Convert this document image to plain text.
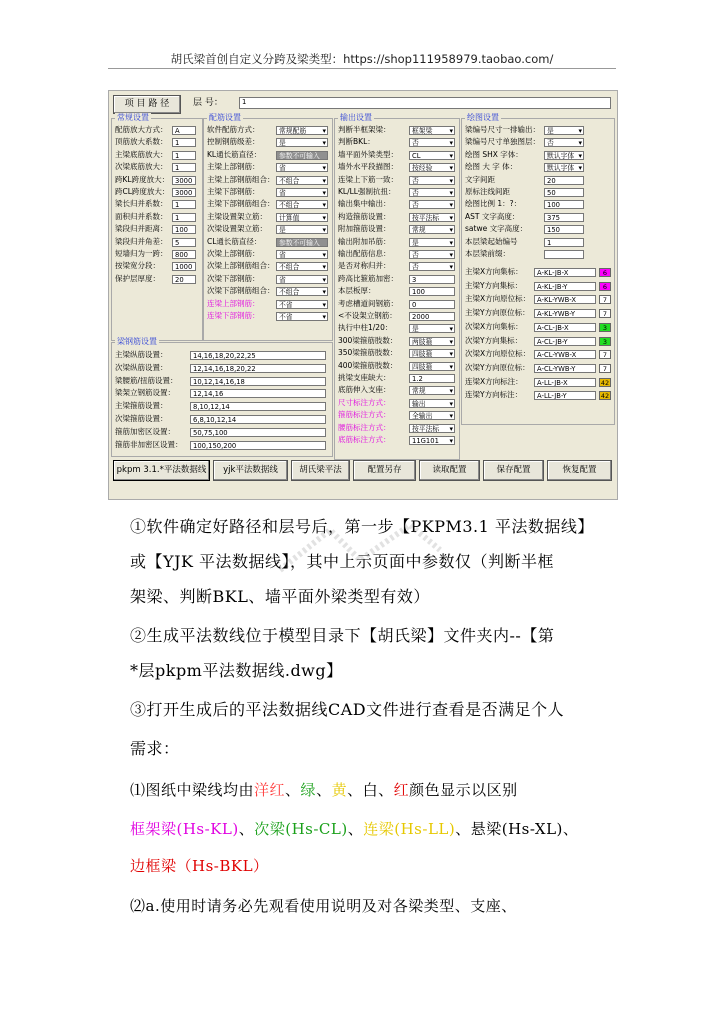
胡氏梁首创自定义分跨及梁类型：https://shop111958979.taobao.com/
项 目 路 径	层 号：	1
常规设置
配筋放大方式：	A
顶筋放大系数：	1
主梁底筋放大：	1
次梁底筋放大：	1
跨KL跨度放大： 3000
跨CL跨度放大： 3000
梁长归并系数：	1
面积归并系数：	1
梁段归并距离：	100
梁段归并角差：	5
短墙归为一跨：	800
按梁宽分段：	1000
保护层厚度：	20
配筋设置
软件配筋方式：	常规配筋 ▾
控制钢筋级差：	是 ▾
KL通长筋直径：	参数不可输入
主梁上部钢筋：	省 ▾
主梁上部钢筋组合： 不组合 ▾
主梁下部钢筋：	省 ▾
主梁下部钢筋组合： 不组合 ▾
主梁设置架立筋：	计算值 ▾
次梁设置架立筋：	是 ▾
CL通长筋直径：	参数不可输入
次梁上部钢筋：	省 ▾
次梁上部钢筋组合： 不组合 ▾
次梁下部钢筋：	省 ▾
次梁下部钢筋组合： 不组合 ▾
连梁上部钢筋：	不省 ▾
连梁下部钢筋：	不省 ▾
输出设置
判断半框架梁：	框架梁 ▾
判断BKL：	否 ▾
墙平面外梁类型：	CL ▾
墙外水平段描图：	按经验 ▾
连梁上下筋一致：	否 ▾
KL/LL强制抗扭：	否 ▾
输出集中输出：	否 ▾
构造箍筋设置：	按平法标 ▾
附加箍筋设置：	常规 ▾
输出附加吊筋：	是 ▾
输出配筋信息：	否 ▾
是否对称归并：	否 ▾
跨高比箍筋加密：	3
本层板厚：	100
考虑槽道间钢筋：	0
<不设架立钢筋：	2000
执行中柱1/20：	是 ▾
300梁箍筋肢数：	两肢箍 ▾
350梁箍筋肢数：	四肢箍 ▾
400梁箍筋肢数：	四肢箍 ▾
挑梁支座缺大：	1.2
底筋伸入支座：	常规 ▾
尺寸标注方式：	输出 ▾
箍筋标注方式：	全输出 ▾
腰筋标注方式：	按平法标 ▾
底筋标注方式：	11G101 ▾
绘图设置
梁编号尺寸一排输出：	是 ▾
梁编号尺寸单独图层：	否 ▾
绘图 SHX 字体：	默认字体 ▾
绘图 大 字 体：	默认字体 ▾
文字间距	20
原标注线间距	50
绘图比例 1：?：	100
AST 文字高度：	375
satwe 文字高度：	150
本层梁起始编号	1
本层梁前缀：
主梁X方向集标：	A-KL-JB-X	6
主梁Y方向集标：	A-KL-JB-Y	6
主梁X方向原位标：	A-KL-YWB-X	7
主梁Y方向原位标：	A-KL-YWB-Y	7
次梁X方向集标：	A-CL-JB-X	3
次梁Y方向集标：	A-CL-JB-Y	3
次梁X方向原位标：	A-CL-YWB-X	7
次梁Y方向原位标：	A-CL-YWB-Y	7
连梁X方向标注：	A-LL-JB-X	42
连梁Y方向标注：	A-LL-JB-Y	42
梁钢筋设置
主梁纵筋设置：	14,16,18,20,22,25
次梁纵筋设置：	12,14,16,18,20,22
梁腰筋/扭筋设置：	10,12,14,16,18
梁架立钢筋设置：	12,14,16
主梁箍筋设置：	8,10,12,14
次梁箍筋设置：	6,8,10,12,14
箍筋加密区设置：	50,75,100
箍筋非加密区设置：	100,150,200
pkpm 3.1.*平法数据线	yjk平法数据线	胡氏梁平法	配置另存	读取配置	保存配置	恢复配置
①软件确定好路径和层号后，第一步【PKPM3.1 平法数据线】
或【YJK 平法数据线】，其中上示页面中参数仅（判断半框
架梁、判断BKL、墙平面外梁类型有效）
②生成平法数线位于模型目录下【胡氏梁】文件夹内--【第
*层pkpm平法数据线.dwg】
③打开生成后的平法数据线CAD文件进行查看是否满足个人
需求：
⑴图纸中梁线均由洋红、绿、黄、白、红颜色显示以区别
框架梁(Hs-KL)、次梁(Hs-CL)、连梁(Hs-LL)、悬梁(Hs-XL)、
边框梁（Hs-BKL）
⑵a.使用时请务必先观看使用说明及对各梁类型、支座、
